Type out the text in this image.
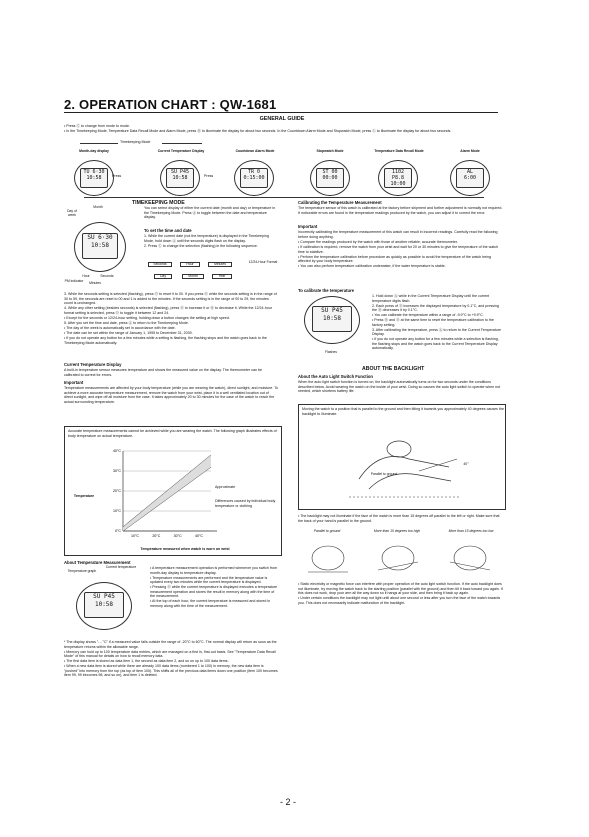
2. OPERATION CHART : QW-1681
GENERAL GUIDE

• Press Ⓒ to change from mode to mode.

• In the Timekeeping Mode, Temperature Data Recall Mode and Alarm Mode, press Ⓑ to illuminate the display for about two seconds. In the Countdown Alarm Mode and Stopwatch Mode, press Ⓛ to illuminate the display for about two seconds.

Timekeeping Mode
Month-day display
TU 6·30
10:58	Press
Current Temperature Display
SU P45
10:58	Press
Countdown Alarm Mode
TR 0
0:15:00
Stopwatch Mode
ST 00
00:00
Temperature Data Recall Mode
1102 P8.8
10:00
Alarm Mode
AL
6:00
TIMEKEEPING MODE
Day of week
Month
SU 6·30
10:58
Hour	Seconds
PM indicator	Minutes
You can select display of either the current date (month and day) or temperature in the Timekeeping Mode. Press Ⓐ to toggle between the date and temperature display.
To set the time and date

1. While the current date (not the temperature) is displayed in the Timekeeping Mode, hold down Ⓐ until the seconds digits flash on the display.

2. Press Ⓒ to change the selection (flashing) in the following sequence.

Seconds	Hour	Minutes	12/24-Hour Format
Day	Month	Year

3. While the seconds setting is selected (flashing), press Ⓓ to reset it to 00. If you press Ⓓ while the seconds setting is in the range of 30 to 59, the seconds are reset to 00 and 1 is added to the minutes. If the seconds setting is in the range of 00 to 29, the minutes count is unchanged.

4. While any other setting (besides seconds) is selected (flashing), press Ⓓ to increase it or Ⓑ to decrease it. While the 12/24-hour format setting is selected, press Ⓓ to toggle it between 12 and 24.

• Except for the seconds or 12/24-hour setting, holding down a button changes the setting at high speed.

5. After you set the time and date, press Ⓐ to return to the Timekeeping Mode.

• The day of the week is automatically set in accordance with the date.

• The date can be set within the range of January 1, 1995 to December 31, 2039.

• If you do not operate any button for a few minutes while a setting is flashing, the flashing stops and the watch goes back to the Timekeeping Mode automatically.

Current Temperature Display
A built-in temperature sensor measures temperature and shows the measured value on the display. The thermometer can be calibrated to correct for errors.
Important
Temperature measurements are affected by your body temperature (while you are wearing the watch), direct sunlight, and moisture. To achieve a more accurate temperature measurement, remove the watch from your wrist, place it in a well ventilated location out of direct sunlight, and wipe off all moisture from the case. It takes approximately 20 to 30 minutes for the case of the watch to reach the actual surrounding temperature.
Accurate temperature measurements cannot be achieved while you are wearing the watch. The following graph illustrates effects of body temperature on actual temperature.
Temperature
40°C
30°C
20°C
10°C
0°C
10°C	20°C	30°C	40°C
Approximate
Differences caused by individual body temperature or clothing
Temperature measured when watch is worn on wrist
About Temperature Measurement
Temperature graph
Current temperature
SU P45
10:58

• A temperature measurement operation is performed whenever you switch from month-day display to temperature display.

• Temperature measurements are performed and the temperature value is updated every two minutes while the current temperature is displayed.

• Pressing Ⓓ while the current temperature is displayed executes a temperature measurement operation and stores the result in memory along with the time of the measurement.

• At the top of each hour, the current temperature is measured and stored in memory along with the time of the measurement.

* The display shows "- - °C" if a measured value falls outside the range of -20°C to 60°C. The normal display will return as soon as the temperature returns within the allowable range.

• Memory can hold up to 100 temperature data entries, which are managed on a first in, first-out basis. See "Temperature Data Recall Mode" of this manual for details on how to recall memory data.

• The first data item is stored as data item 1, the second as data item 2, and so on up to 100 data items.

• When a new data item is stored while there are already 100 data items (numbered 1 to 100) in memory, the new data item is "pushed" into memory from the top (as top of item 100). This shifts all of the previous data items down one position (item 100 becomes item 99, 99 becomes 98, and so on), and item 1 is deleted.

Calibrating the Temperature Measurement
The temperature sensor of this watch is calibrated at the factory before shipment and further adjustment is normally not required. If noticeable errors are found in the temperature readings produced by the watch, you can adjust it to correct the error.
Important
Incorrectly calibrating the temperature measurement of this watch can result in incorrect readings. Carefully read the following before doing anything.

• Compare the readings produced by the watch with those of another reliable, accurate thermometer.

• If calibration is required, remove the watch from your wrist and wait for 20 or 30 minutes to give the temperature of the watch time to stabilize.

• Perform the temperature calibration before procedure as quickly as possible to avoid the temperature of the watch being affected by your body temperature.

• You can also perform temperature calibration underwater, if the water temperature is stable.

To calibrate the temperature
SU P45
10:58
Flashes

1. Hold down Ⓐ while in the Current Temperature Display until the current temperature digits flash.

2. Each press of Ⓓ increases the displayed temperature by 0.1°C, and pressing the Ⓑ decreases it by 0.1°C.

• You can calibrate the temperature within a range of -9.9°C to +9.9°C.

• Press Ⓑ and Ⓓ at the same time to reset the temperature calibration to the factory setting.

3. After calibrating the temperature, press Ⓐ to return to the Current Temperature Display.

• If you do not operate any button for a few minutes while a selection is flashing, the flashing stops and the watch goes back to the Current Temperature Display automatically.

ABOUT THE BACKLIGHT
About the Auto Light Switch Function
When the auto light switch function is turned on, the backlight automatically turns on for two seconds under the conditions described below. Avoid wearing the watch on the inside of your wrist. Doing so causes the auto light switch to operate when not needed, which shortens battery life.
Moving the watch to a position that is parallel to the ground and then tilting it towards you approximately 40 degrees causes the backlight to illuminate.
Parallel to ground
40°
• The backlight may not illuminate if the face of the watch is more than 15 degrees off parallel to the left or right. Make sure that the back of your hand is parallel to the ground.
Parallel to ground	More than 15 degrees too high	More than 15 degrees too low

• Static electricity or magnetic force can interfere with proper operation of the auto light switch function. If the auto backlight does not illuminate, try moving the watch back to the starting position (parallel with the ground) and then tilt it back toward you again. If this does not work, drop your arm all the way down so it hangs at your side, and then bring it back up again.

• Under certain conditions the backlight may not light until about one second or less after you turn the face of the watch towards you. This does not necessarily indicate malfunction of the backlight.

- 2 -
